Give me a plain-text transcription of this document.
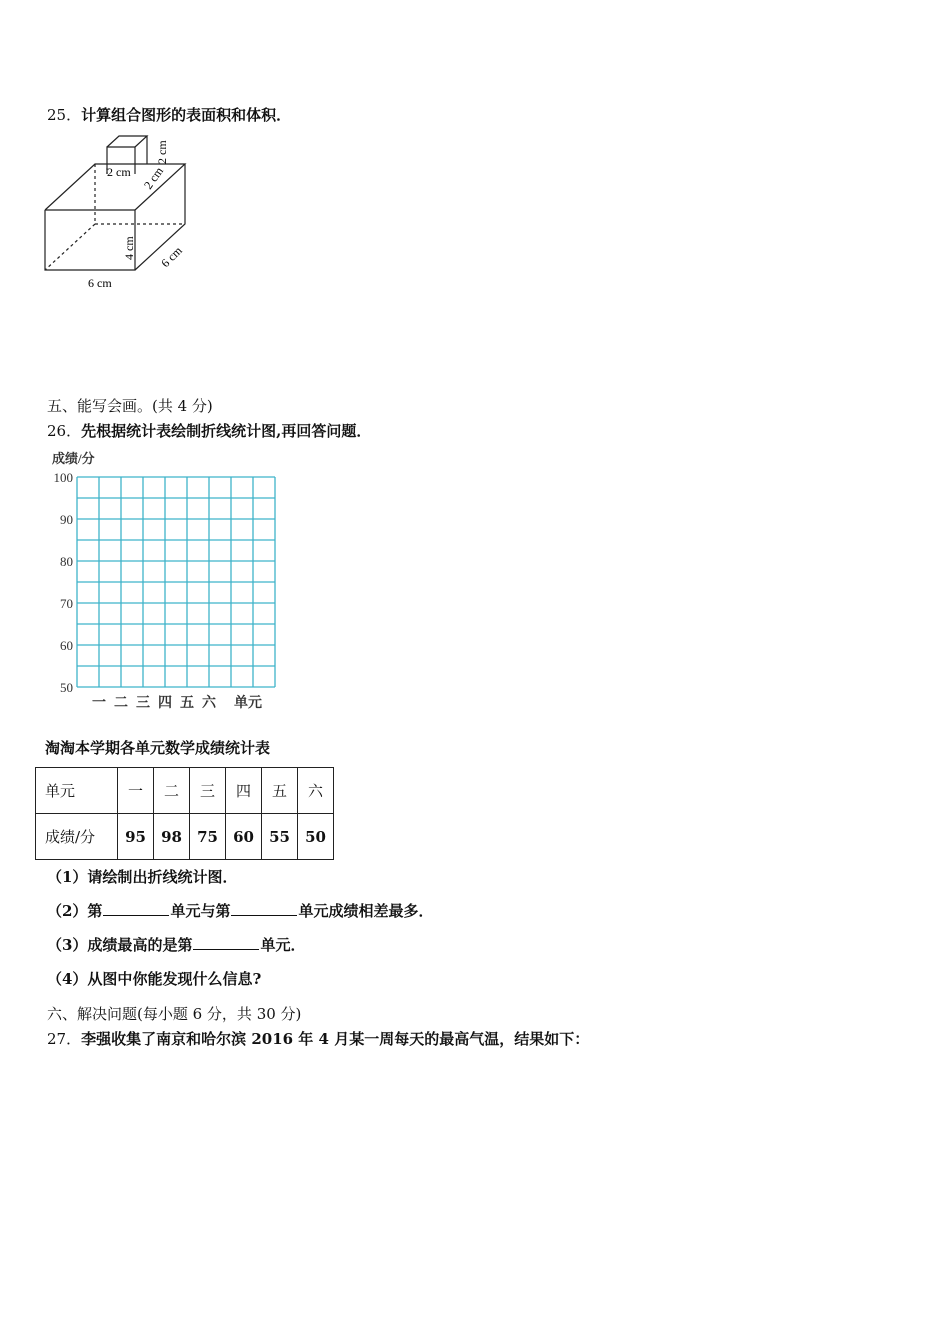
25．计算组合图形的表面积和体积．
2 cm 2 cm
2 cm
4 cm 6 cm
6 cm
五、能写会画。(共 4 分)
26．先根据统计表绘制折线统计图,再回答问题．
成绩/分
100
90
80
70
60
50
一 二 三 四 五 六 单元
淘淘本学期各单元数学成绩统计表
单元	一	二	三	四	五	六
成绩/分	95	98	75	60	55	50
（1）请绘制出折线统计图．
（2）第	单元与第	单元成绩相差最多．
（3）成绩最高的是第	单元．
（4）从图中你能发现什么信息?
六、解决问题(每小题 6 分，共 30 分)
27．李强收集了南京和哈尔滨 2016 年 4 月某一周每天的最高气温，结果如下：
